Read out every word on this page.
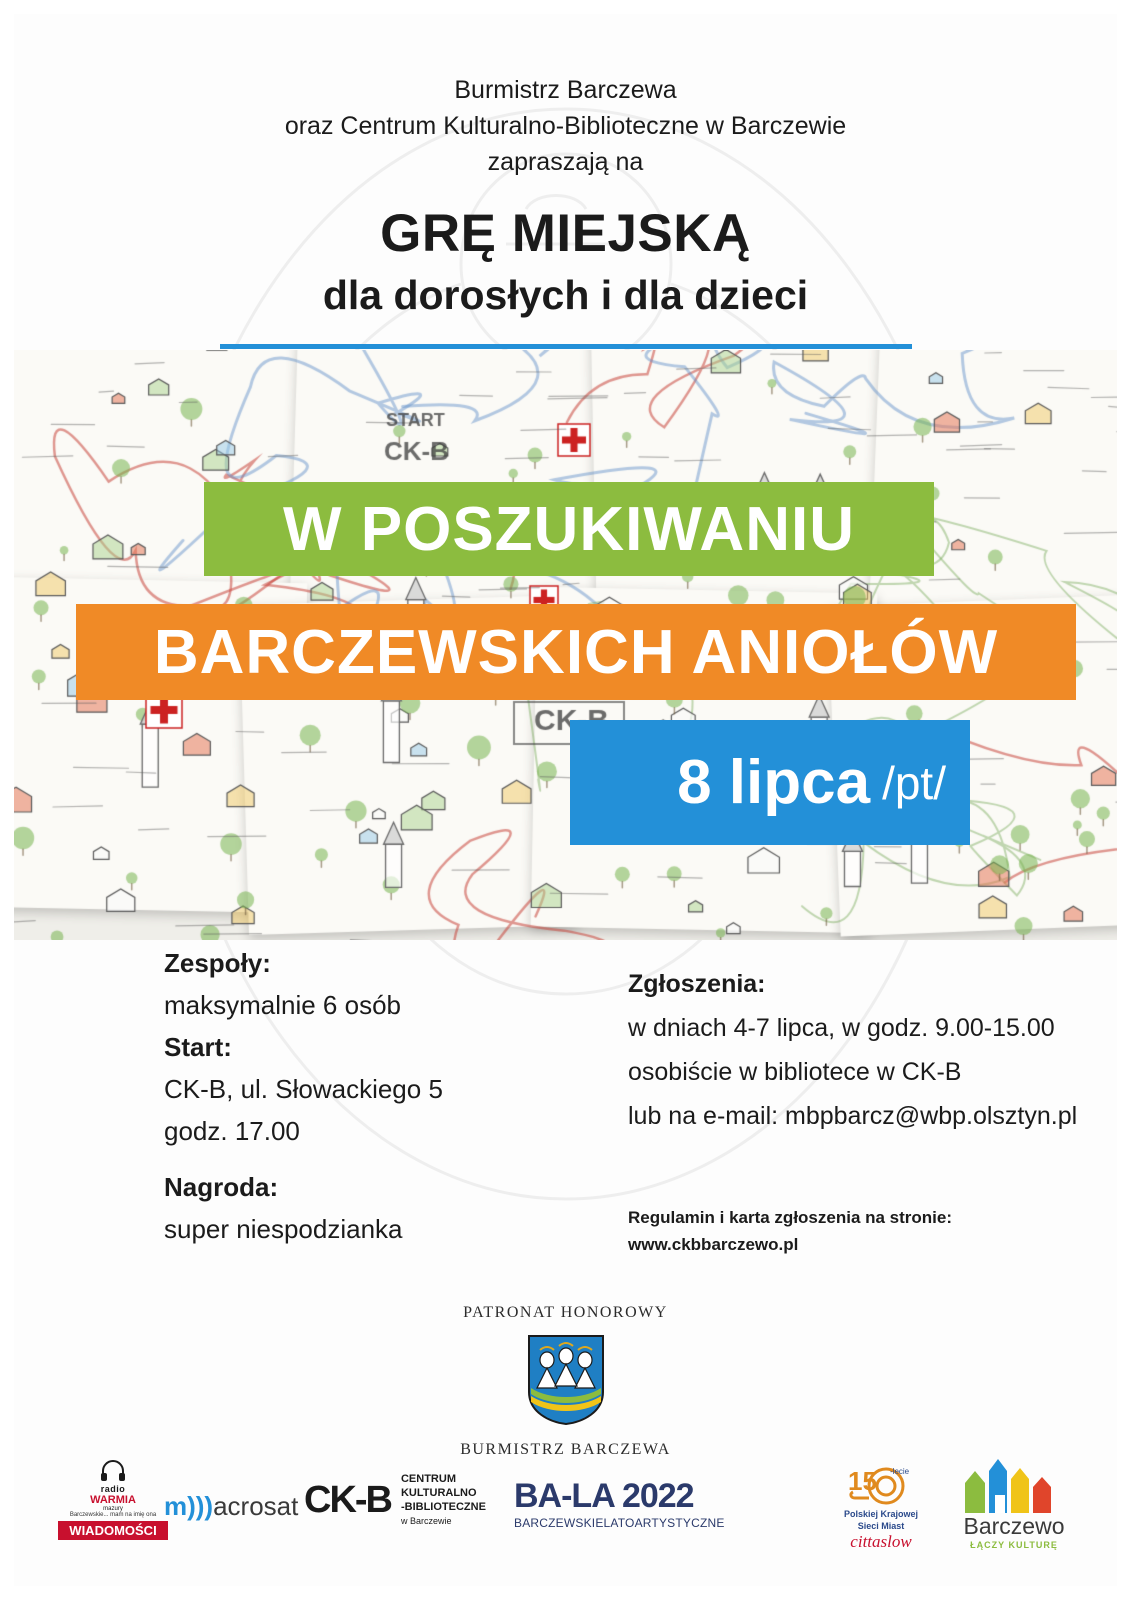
Burmistrz Barczewa
oraz Centrum Kulturalno-Biblioteczne w Barczewie
zapraszają na
GRĘ MIEJSKĄ
dla dorosłych i dla dzieci
W POSZUKIWANIU
BARCZEWSKICH ANIOŁÓW
8 lipca /pt/
Zespoły:
maksymalnie 6 osób
Start:
CK-B, ul. Słowackiego 5
godz. 17.00
Nagroda:
super niespodzianka
Zgłoszenia:
w dniach 4-7 lipca, w godz. 9.00-15.00
osobiście w bibliotece w CK-B
lub na e-mail: mbpbarcz@wbp.olsztyn.pl
Regulamin i karta zgłoszenia na stronie:
www.ckbbarczewo.pl
PATRONAT HONOROWY
BURMISTRZ BARCZEWA
radio
WARMIA
mazury
Barczewskie... mam na imię ona
WIADOMOŚCI
m)))acrosat CK-B CENTRUM
KULTURALNO
-BIBLIOTECZNE
w Barczewie
BA-LA 2022
BARCZEWSKIELATOARTYSTYCZNE
15 -lecie
Polskiej Krajowej
Sieci Miast
cittaslow
Barczewo
ŁĄCZY KULTURĘ
